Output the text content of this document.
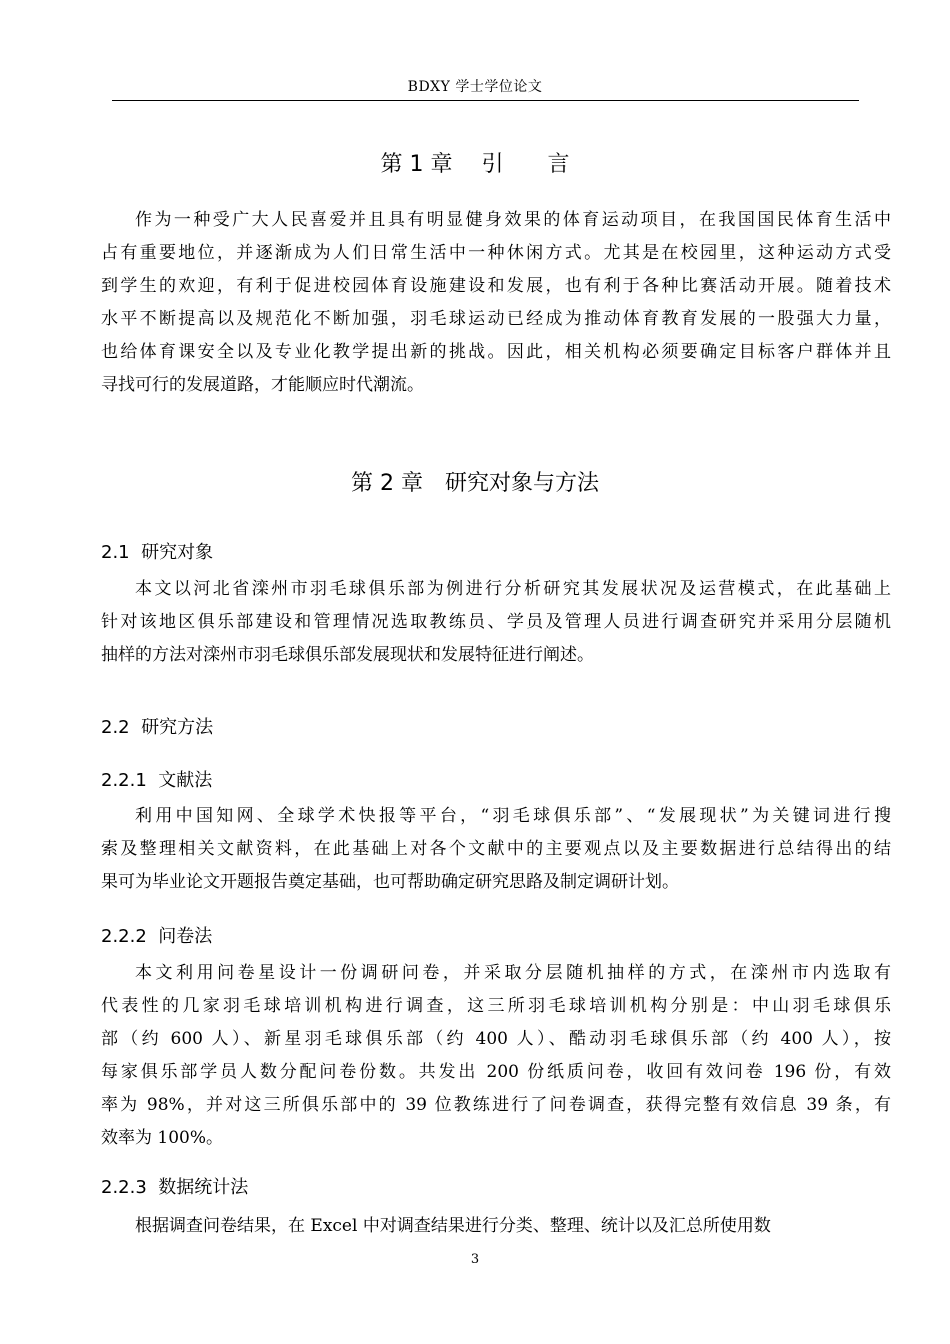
BDXY 学士学位论文
第 1 章　 引　　言
作为一种受广大人民喜爱并且具有明显健身效果的体育运动项目，在我国国民体育生活中
占有重要地位，并逐渐成为人们日常生活中一种休闲方式。尤其是在校园里，这种运动方式受
到学生的欢迎，有利于促进校园体育设施建设和发展，也有利于各种比赛活动开展。随着技术
水平不断提高以及规范化不断加强，羽毛球运动已经成为推动体育教育发展的一股强大力量，
也给体育课安全以及专业化教学提出新的挑战。因此，相关机构必须要确定目标客户群体并且
寻找可行的发展道路，才能顺应时代潮流。
第 2 章　研究对象与方法
2.1  研究对象
本文以河北省滦州市羽毛球俱乐部为例进行分析研究其发展状况及运营模式，在此基础上
针对该地区俱乐部建设和管理情况选取教练员、学员及管理人员进行调查研究并采用分层随机
抽样的方法对滦州市羽毛球俱乐部发展现状和发展特征进行阐述。
2.2  研究方法
2.2.1  文献法
利用中国知网、全球学术快报等平台，“羽毛球俱乐部”、“发展现状”为关键词进行搜
索及整理相关文献资料，在此基础上对各个文献中的主要观点以及主要数据进行总结得出的结
果可为毕业论文开题报告奠定基础，也可帮助确定研究思路及制定调研计划。
2.2.2  问卷法
本文利用问卷星设计一份调研问卷，并采取分层随机抽样的方式，在滦州市内选取有
代表性的几家羽毛球培训机构进行调查，这三所羽毛球培训机构分别是：中山羽毛球俱乐
部（约 600 人）、新星羽毛球俱乐部（约 400 人）、酷动羽毛球俱乐部（约 400 人），按
每家俱乐部学员人数分配问卷份数。共发出 200 份纸质问卷，收回有效问卷 196 份，有效
率为 98%，并对这三所俱乐部中的 39 位教练进行了问卷调查，获得完整有效信息 39 条，有
效率为 100%。
2.2.3  数据统计法
根据调查问卷结果，在 Excel 中对调查结果进行分类、整理、统计以及汇总所使用数
3
